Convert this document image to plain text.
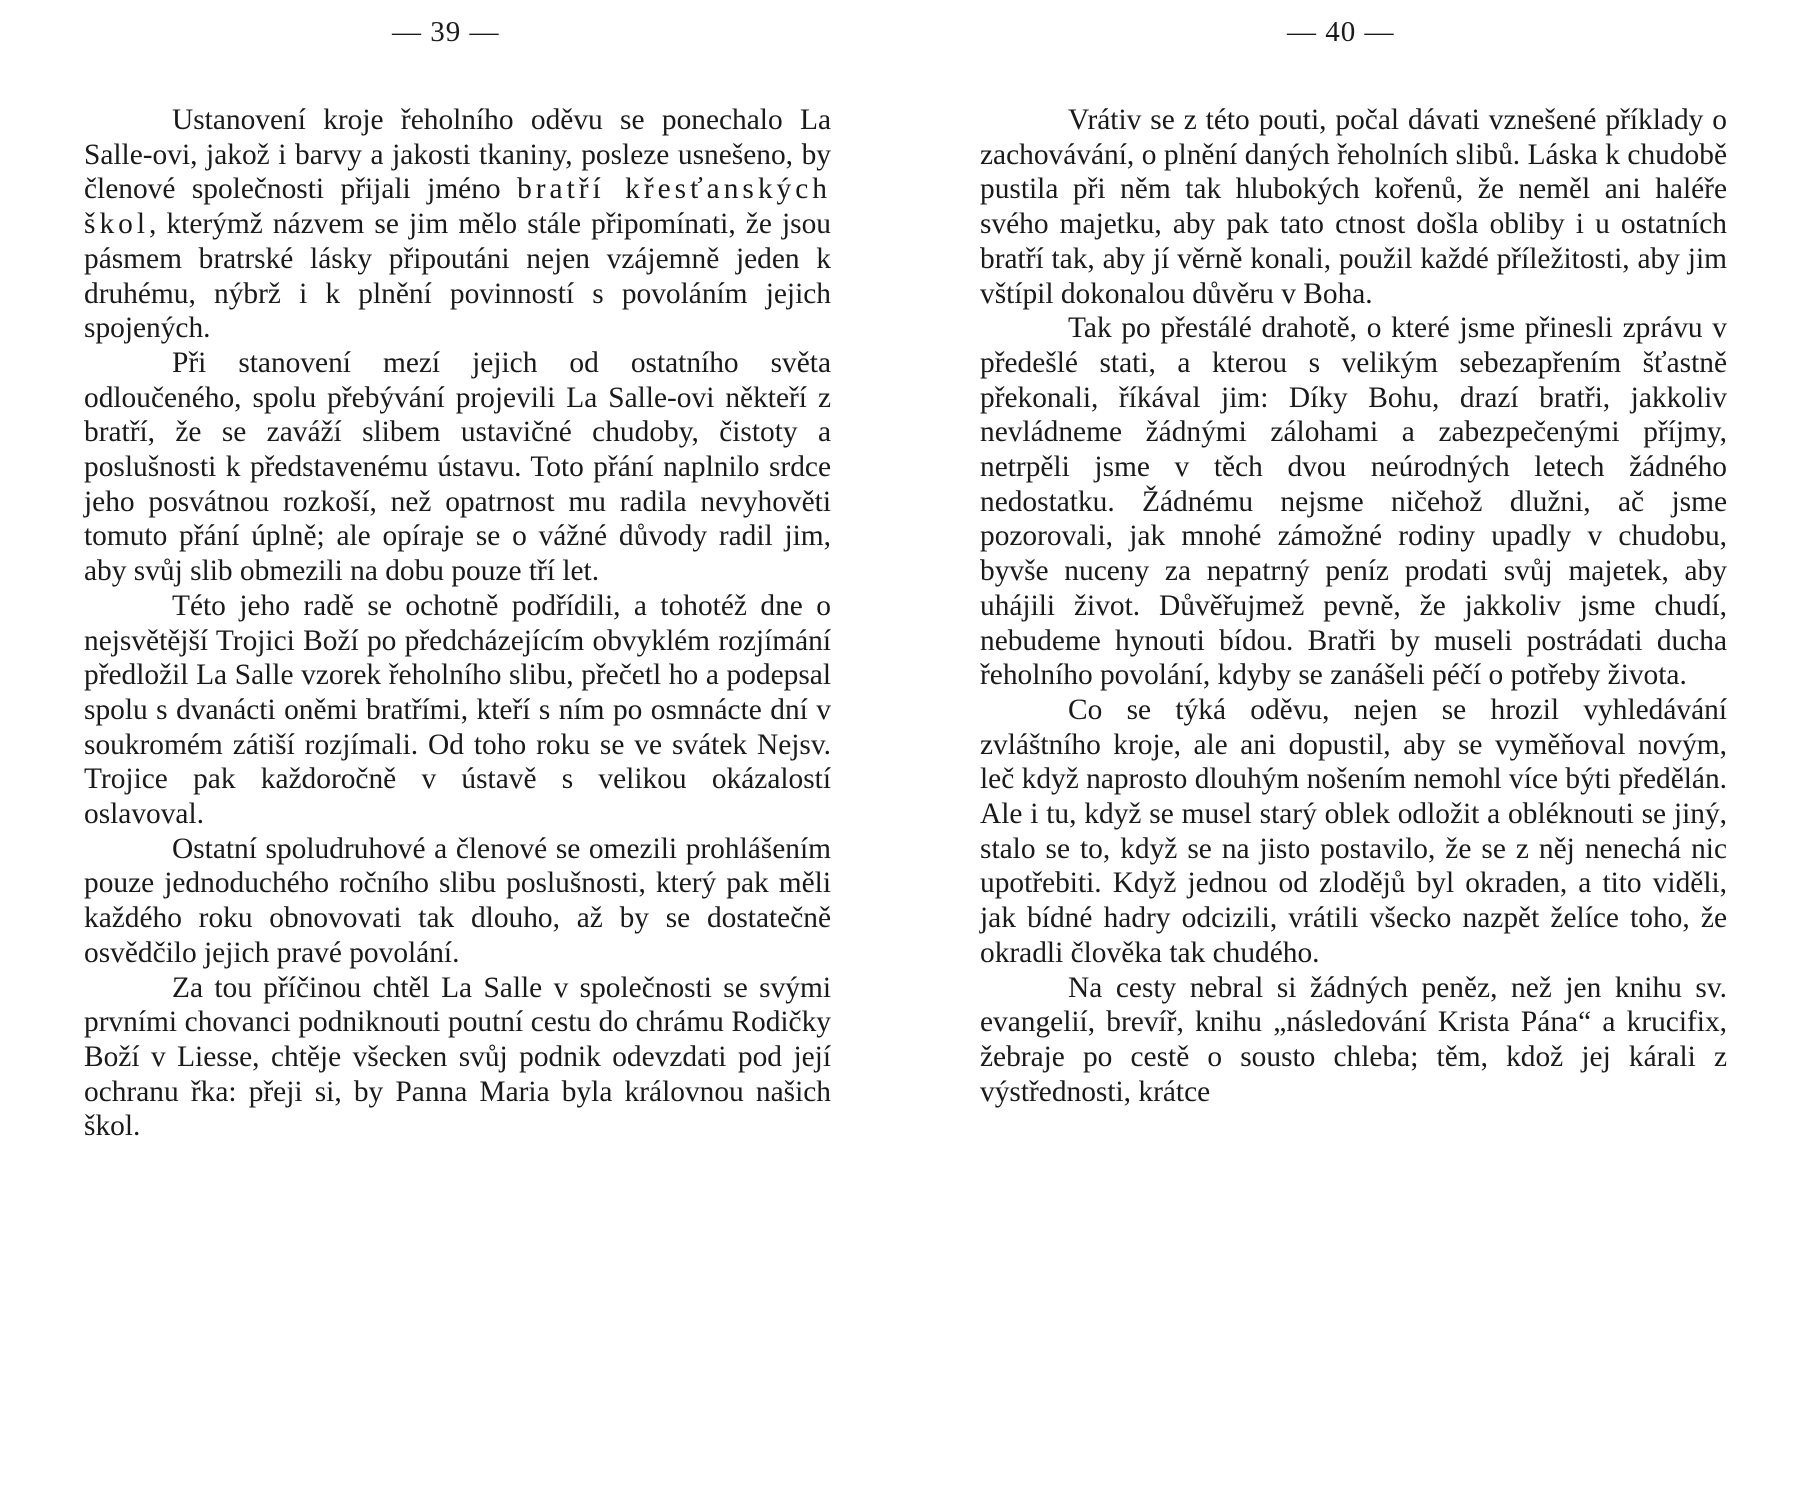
— 39 —

Ustanovení kroje řeholního oděvu se ponechalo La Salle-ovi, jakož i barvy a jakosti tkaniny, posleze usnešeno, by členové společnosti přijali jméno bratří křesťanských škol, kterýmž názvem se jim mělo stále připomínati, že jsou pásmem bratrské lásky připoutáni nejen vzájemně jeden k druhému, nýbrž i k plnění povinností s povoláním jejich spojených.

Při stanovení mezí jejich od ostatního světa odloučeného, spolu přebývání projevili La Salle-ovi někteří z bratří, že se zaváží slibem ustavičné chudoby, čistoty a poslušnosti k představenému ústavu. Toto přání naplnilo srdce jeho posvátnou rozkoší, než opatrnost mu radila nevyhověti tomuto přání úplně; ale opíraje se o vážné důvody radil jim, aby svůj slib obmezili na dobu pouze tří let.

Této jeho radě se ochotně podřídili, a tohotéž dne o nejsvětější Trojici Boží po předcházejícím obvyklém rozjímání předložil La Salle vzorek řeholního slibu, přečetl ho a podepsal spolu s dvanácti oněmi bratřími, kteří s ním po osmnácte dní v soukromém zátiší rozjímali. Od toho roku se ve svátek Nejsv. Trojice pak každoročně v ústavě s velikou okázalostí oslavoval.

Ostatní spoludruhové a členové se omezili prohlášením pouze jednoduchého ročního slibu poslušnosti, který pak měli každého roku obnovovati tak dlouho, až by se dostatečně osvědčilo jejich pravé povolání.

Za tou příčinou chtěl La Salle v společnosti se svými prvními chovanci podniknouti poutní cestu do chrámu Rodičky Boží v Liesse, chtěje všecken svůj podnik odevzdati pod její ochranu řka: přeji si, by Panna Maria byla královnou našich škol.

— 40 —

Vrátiv se z této pouti, počal dávati vznešené příklady o zachovávání, o plnění daných řeholních slibů. Láska k chudobě pustila při něm tak hlubokých kořenů, že neměl ani haléře svého majetku, aby pak tato ctnost došla obliby i u ostatních bratří tak, aby jí věrně konali, použil každé příležitosti, aby jim vštípil dokonalou důvěru v Boha.

Tak po přestálé drahotě, o které jsme přinesli zprávu v předešlé stati, a kterou s velikým sebezapřením šťastně překonali, říkával jim: Díky Bohu, drazí bratři, jakkoliv nevládneme žádnými zálohami a zabezpečenými příjmy, netrpěli jsme v těch dvou neúrodných letech žádného nedostatku. Žádnému nejsme ničehož dlužni, ač jsme pozorovali, jak mnohé zámožné rodiny upadly v chudobu, byvše nuceny za nepatrný peníz prodati svůj majetek, aby uhájili život. Důvěřujmež pevně, že jakkoliv jsme chudí, nebudeme hynouti bídou. Bratři by museli postrádati ducha řeholního povolání, kdyby se zanášeli péčí o potřeby života.

Co se týká oděvu, nejen se hrozil vyhledávání zvláštního kroje, ale ani dopustil, aby se vyměňoval novým, leč když naprosto dlouhým nošením nemohl více býti předělán. Ale i tu, když se musel starý oblek odložit a obléknouti se jiný, stalo se to, když se na jisto postavilo, že se z něj nenechá nic upotřebiti. Když jednou od zlodějů byl okraden, a tito viděli, jak bídné hadry odcizili, vrátili všecko nazpět želíce toho, že okradli člověka tak chudého.

Na cesty nebral si žádných peněz, než jen knihu sv. evangelií, brevíř, knihu „následování Krista Pána“ a krucifix, žebraje po cestě o sousto chleba; těm, kdož jej kárali z výstřednosti, krátce
